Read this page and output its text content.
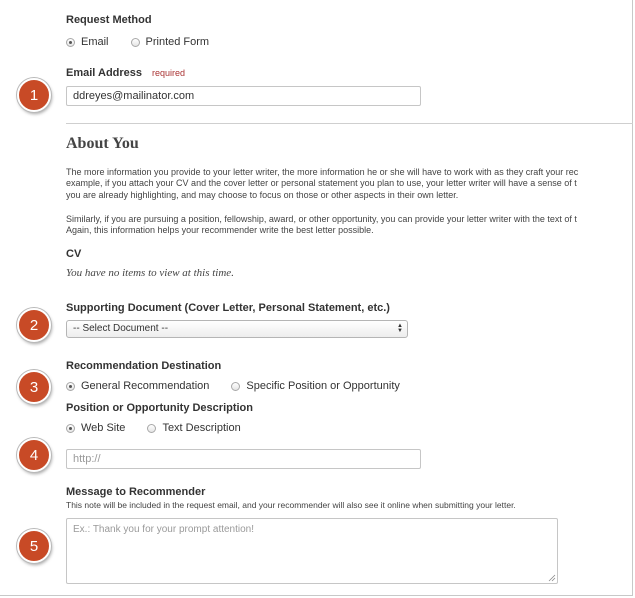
Request Method
Email	Printed Form
Email Address required
ddreyes@mailinator.com
1
About You
The more information you provide to your letter writer, the more information he or she will have to work with as they craft your rec
example, if you attach your CV and the cover letter or personal statement you plan to use, your letter writer will have a sense of t
you are already highlighting, and may choose to focus on those or other aspects in their own letter.
Similarly, if you are pursuing a position, fellowship, award, or other opportunity, you can provide your letter writer with the text of t
Again, this information helps your recommender write the best letter possible.
CV
You have no items to view at this time.
Supporting Document (Cover Letter, Personal Statement, etc.)
-- Select Document --	▲
▼
2
Recommendation Destination
General Recommendation	Specific Position or Opportunity
3
Position or Opportunity Description
Web Site	Text Description
http://
4
Message to Recommender
This note will be included in the request email, and your recommender will also see it online when submitting your letter.
Ex.: Thank you for your prompt attention!
5
